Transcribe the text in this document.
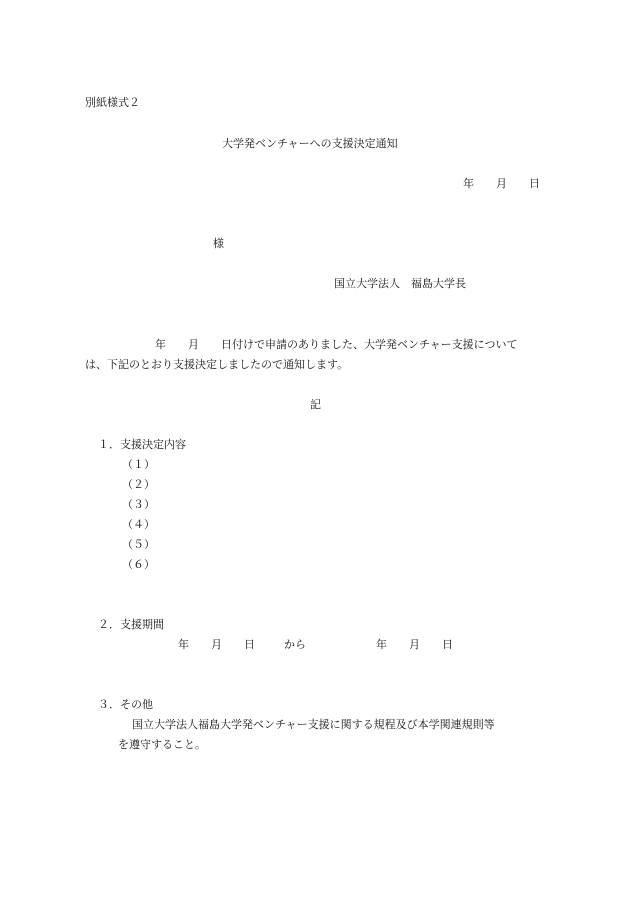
別紙様式２
大学発ベンチャーへの支援決定通知
年　　月　　日
様
国立大学法人　福島大学長
年　　月　　日付けで申請のありました、大学発ベンチャー支援について
は、下記のとおり支援決定しましたので通知します。
記
１．支援決定内容
（１）
（２）
（３）
（４）
（５）
（６）
２．支援期間
年　　月　　日	から	年　　月　　日
３．その他
国立大学法人福島大学発ベンチャー支援に関する規程及び本学関連規則等
を遵守すること。
